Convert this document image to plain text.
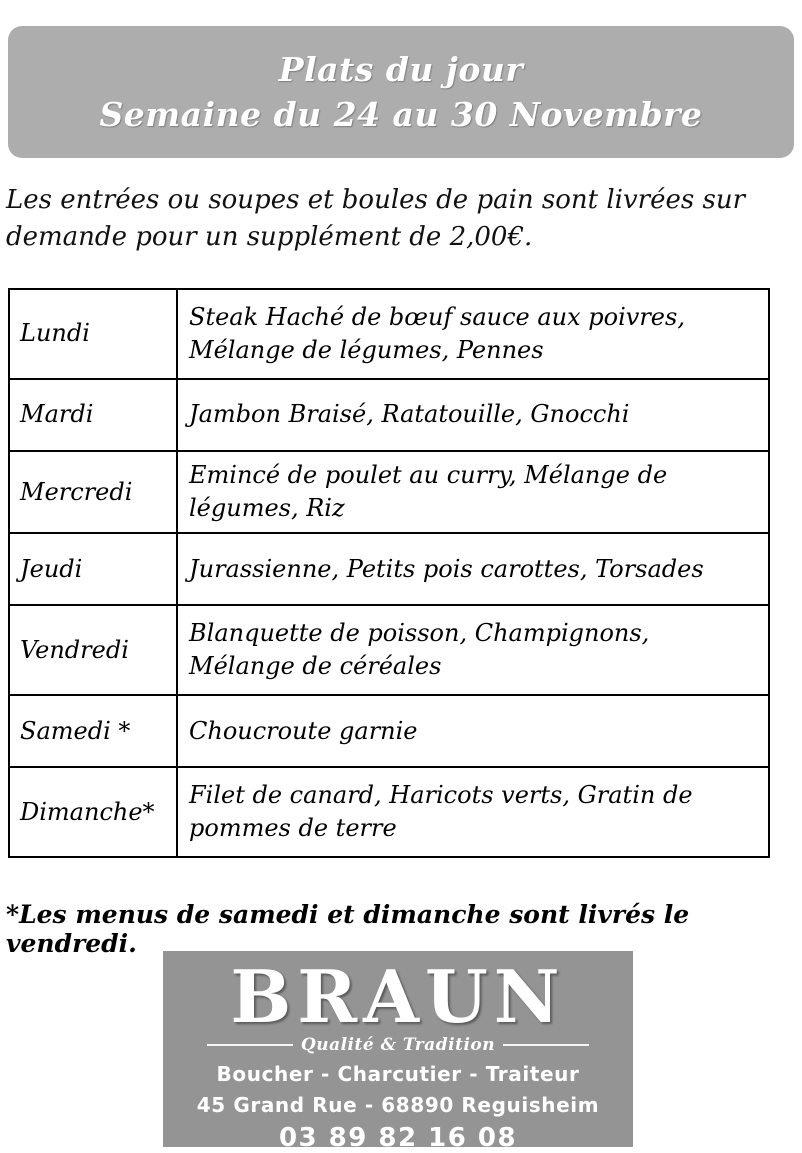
Plats du jour
Semaine du 24 au 30 Novembre
Les entrées ou soupes et boules de pain sont livrées sur demande pour un supplément de 2,00€.
Lundi	Steak Haché de bœuf sauce aux poivres, Mélange de légumes, Pennes
Mardi	Jambon Braisé, Ratatouille, Gnocchi
Mercredi	Emincé de poulet au curry, Mélange de légumes, Riz
Jeudi	Jurassienne, Petits pois carottes, Torsades
Vendredi	Blanquette de poisson, Champignons, Mélange de céréales
Samedi *	Choucroute garnie
Dimanche*	Filet de canard, Haricots verts, Gratin de pommes de terre
*Les menus de samedi et dimanche sont livrés le vendredi.
BRAUN
Qualité & Tradition
Boucher - Charcutier - Traiteur
45 Grand Rue - 68890 Reguisheim
03 89 82 16 08
